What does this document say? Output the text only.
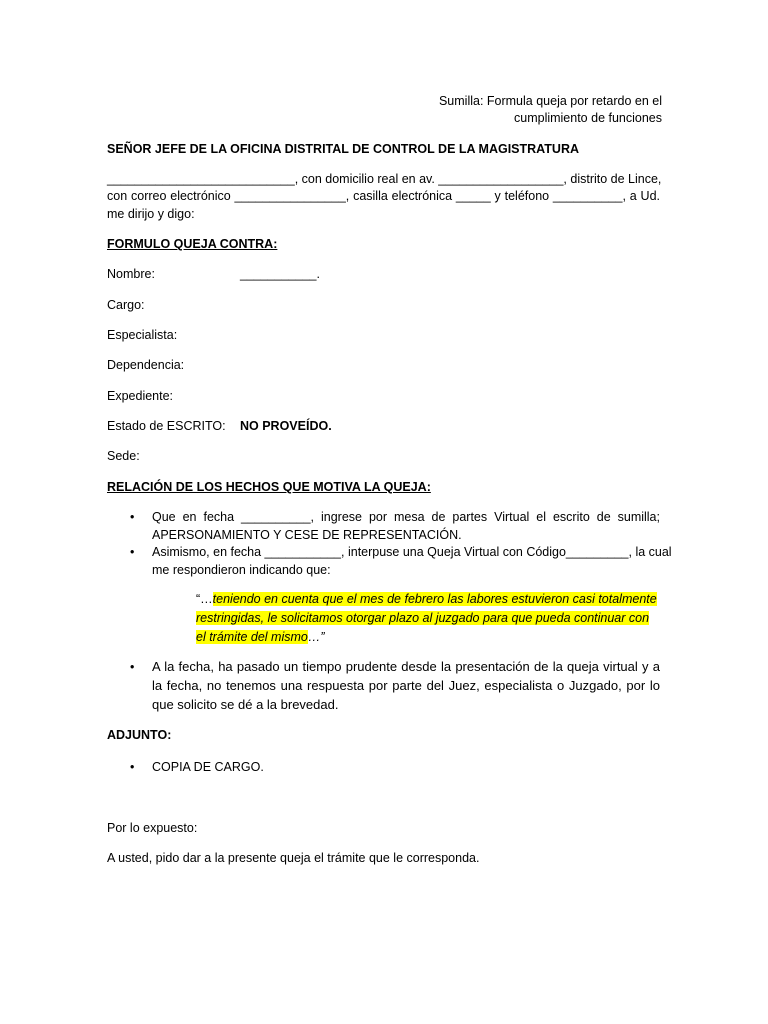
Sumilla: Formula queja por retardo en el
cumplimiento de funciones
SEÑOR JEFE DE LA OFICINA DISTRITAL DE CONTROL DE LA MAGISTRATURA
___________________________, con domicilio real en av. __________________, distrito de Lince,
con correo electrónico ________________, casilla electrónica _____ y teléfono __________, a Ud.
me dirijo y digo:
FORMULO QUEJA CONTRA:
Nombre:	___________.
Cargo:
Especialista:
Dependencia:
Expediente:
Estado de ESCRITO: NO PROVEÍDO.
Sede:
RELACIÓN DE LOS HECHOS QUE MOTIVA LA QUEJA:
• Que en fecha __________, ingrese por mesa de partes Virtual el escrito de sumilla;
APERSONAMIENTO Y CESE DE REPRESENTACIÓN.
• Asimismo, en fecha ___________, interpuse una Queja Virtual con Código_________, la cual
me respondieron indicando que:
“…teniendo en cuenta que el mes de febrero las labores estuvieron casi totalmente restringidas, le solicitamos otorgar plazo al juzgado para que pueda continuar con el trámite del mismo…”
• A la fecha, ha pasado un tiempo prudente desde la presentación de la queja virtual y a la fecha, no tenemos una respuesta por parte del Juez, especialista o Juzgado, por lo que solicito se dé a la brevedad.
ADJUNTO:
• COPIA DE CARGO.
Por lo expuesto:
A usted, pido dar a la presente queja el trámite que le corresponda.
